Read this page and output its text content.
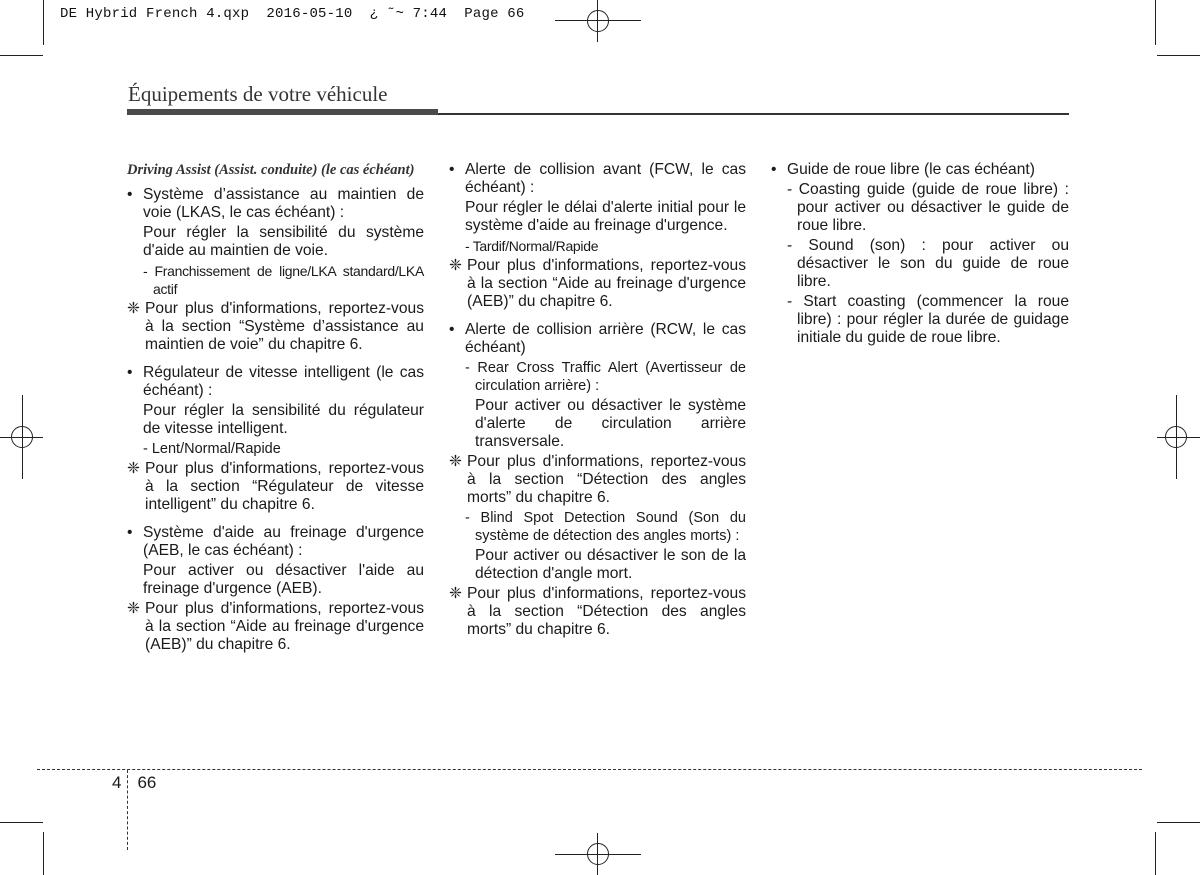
DE Hybrid French 4.qxp  2016-05-10  ¿ ˜~ 7:44  Page 66
Équipements de votre véhicule

Driving Assist (Assist. conduite) (le cas échéant)

• Système d’assistance au maintien de voie (LKAS, le cas échéant) :

Pour régler la sensibilité du système d'aide au maintien de voie.

- Franchissement de ligne/LKA standard/LKA actif

❈ Pour plus d'informations, reportez-vous à la section “Système d’assistance au maintien de voie” du chapitre 6.

• Régulateur de vitesse intelligent (le cas échéant) :

Pour régler la sensibilité du régulateur de vitesse intelligent.

- Lent/Normal/Rapide

❈ Pour plus d'informations, reportez-vous à la section “Régulateur de vitesse intelligent” du chapitre 6.

• Système d'aide au freinage d'urgence (AEB, le cas échéant) :

Pour activer ou désactiver l'aide au freinage d'urgence (AEB).

❈ Pour plus d'informations, reportez-vous à la section “Aide au freinage d'urgence (AEB)” du chapitre 6.

• Alerte de collision avant (FCW, le cas échéant) :

Pour régler le délai d'alerte initial pour le système d'aide au freinage d'urgence.

- Tardif/Normal/Rapide

❈ Pour plus d'informations, reportez-vous à la section “Aide au freinage d'urgence (AEB)” du chapitre 6.

• Alerte de collision arrière (RCW, le cas échéant)

- Rear Cross Traffic Alert (Avertisseur de circulation arrière) :

Pour activer ou désactiver le système d'alerte de circulation arrière transversale.

❈ Pour plus d'informations, reportez-vous à la section “Détection des angles morts” du chapitre 6.

- Blind Spot Detection Sound (Son du système de détection des angles morts) :

Pour activer ou désactiver le son de la détection d'angle mort.

❈ Pour plus d'informations, reportez-vous à la section “Détection des angles morts” du chapitre 6.

• Guide de roue libre (le cas échéant)

- Coasting guide (guide de roue libre) : pour activer ou désactiver le guide de roue libre.

- Sound (son) : pour activer ou désactiver le son du guide de roue libre.

- Start coasting (commencer la roue libre) : pour régler la durée de guidage initiale du guide de roue libre.

4 66
